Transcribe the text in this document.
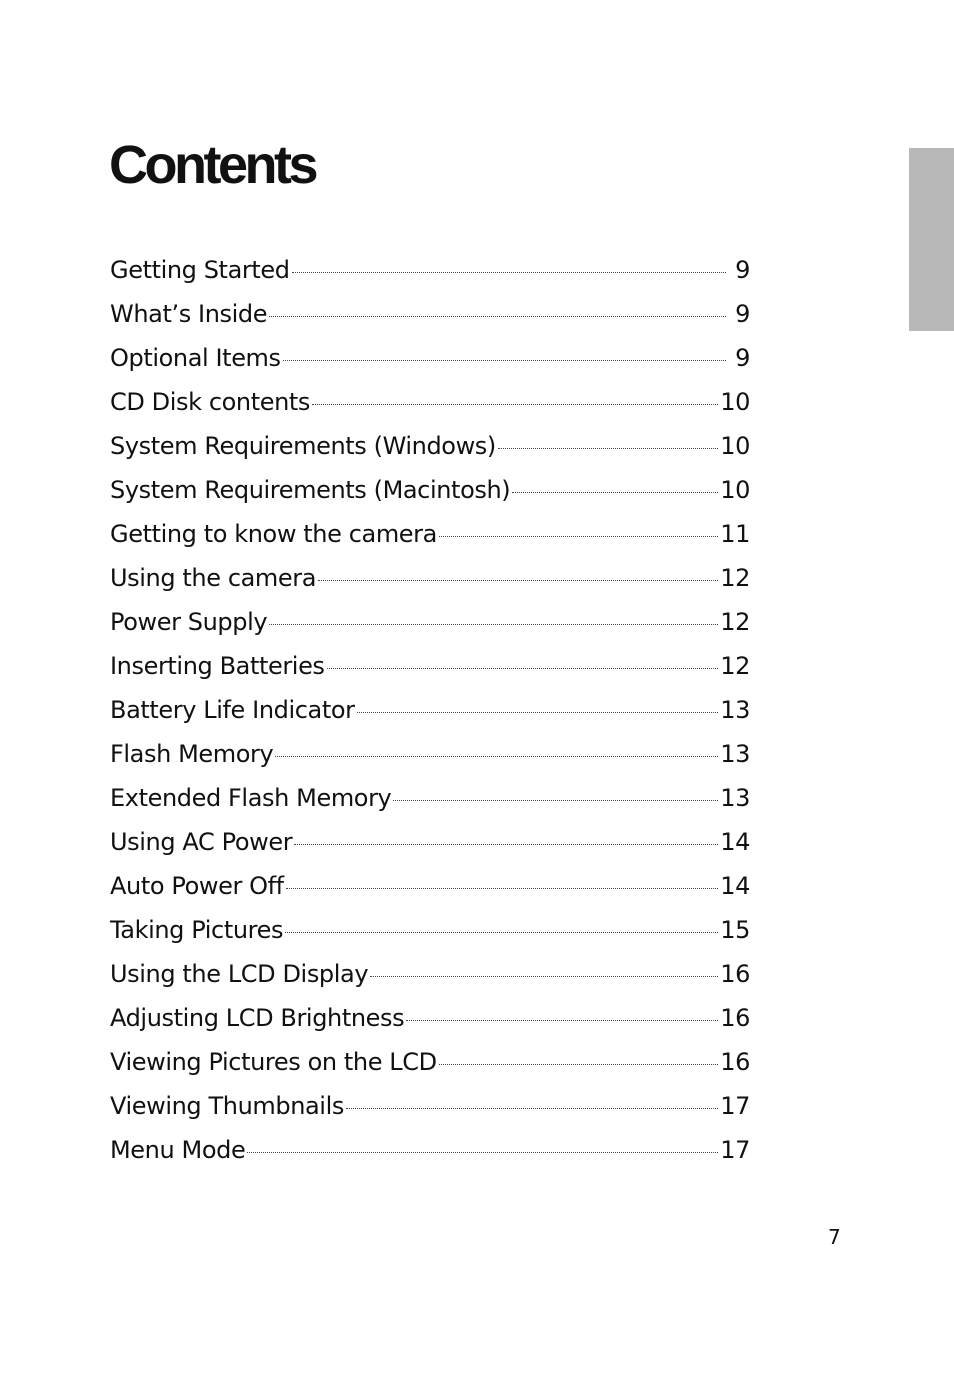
Contents
Getting Started	9
What’s Inside	9
Optional Items	9
CD Disk contents	10
System Requirements (Windows)	10
System Requirements (Macintosh)	10
Getting to know the camera	11
Using the camera	12
Power Supply	12
Inserting Batteries	12
Battery Life Indicator	13
Flash Memory	13
Extended Flash Memory	13
Using AC Power	14
Auto Power Off	14
Taking Pictures	15
Using the LCD Display	16
Adjusting LCD Brightness	16
Viewing Pictures on the LCD	16
Viewing Thumbnails	17
Menu Mode	17
7
